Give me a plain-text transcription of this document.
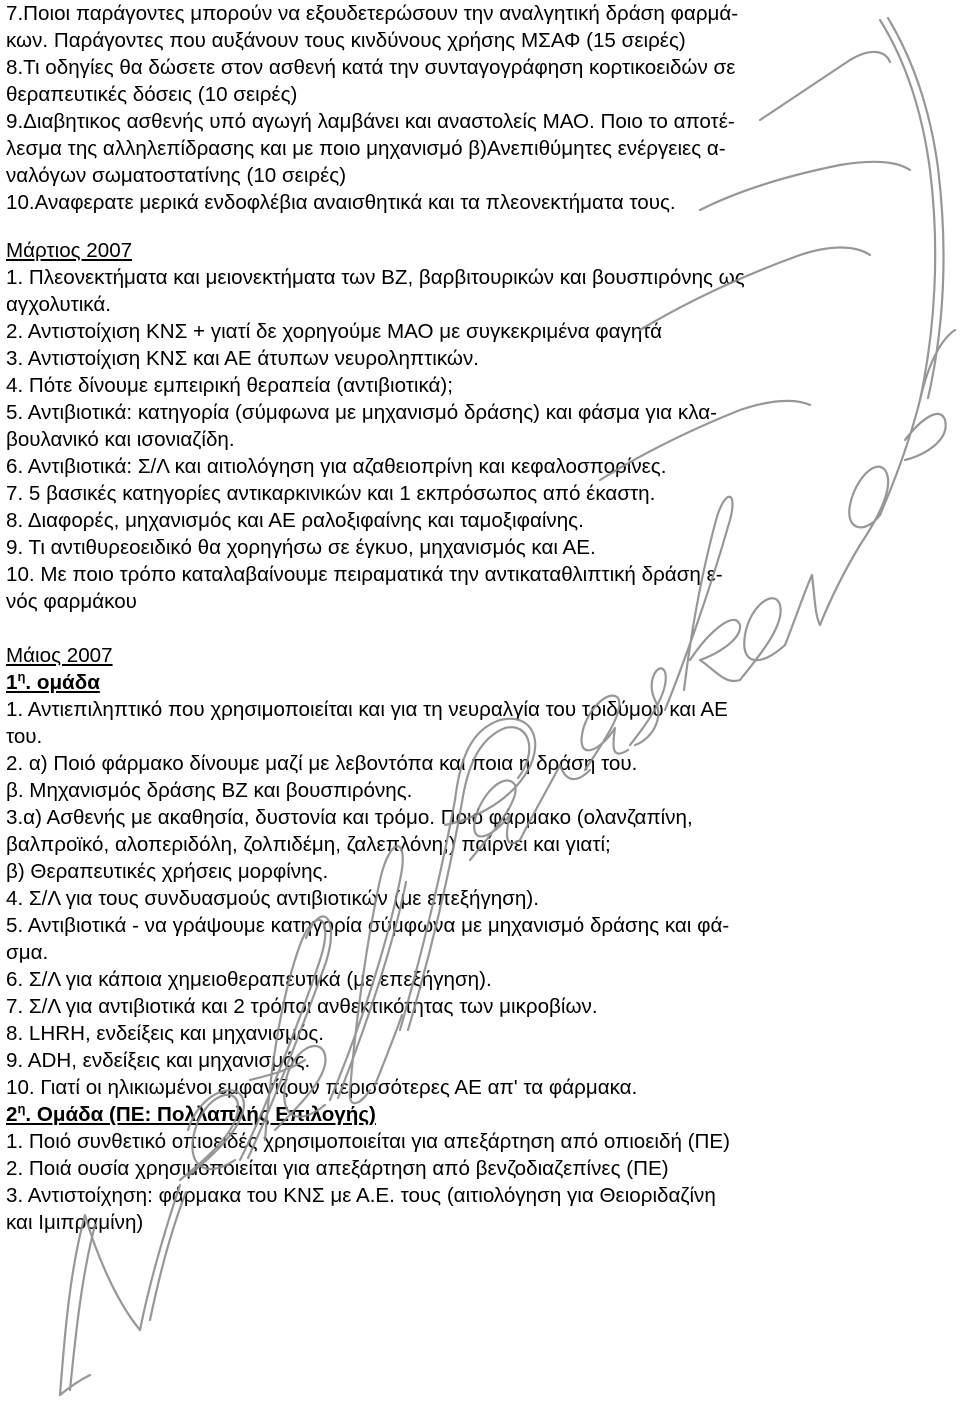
7.Ποιοι παράγοντες μπορούν να εξουδετερώσουν την αναλγητική δράση φαρμά-
κων. Παράγοντες που αυξάνουν τους κινδύνους χρήσης ΜΣΑΦ (15 σειρές)
8.Τι οδηγίες θα δώσετε στον ασθενή κατά την συνταγογράφηση κορτικοειδών σε
θεραπευτικές δόσεις (10 σειρές)
9.Διαβητικος ασθενής υπό αγωγή λαμβάνει και αναστολείς ΜΑΟ. Ποιο το αποτέ-
λεσμα της αλληλεπίδρασης και με ποιο μηχανισμό β)Ανεπιθύμητες ενέργειες α-
ναλόγων σωματοστατίνης (10 σειρές)
10.Αναφερατε μερικά ενδοφλέβια αναισθητικά και τα πλεονεκτήματα τους.
Μάρτιος 2007
1. Πλεονεκτήματα και μειονεκτήματα των ΒΖ, βαρβιτουρικών και βουσπιρόνης ως
αγχολυτικά.
2. Αντιστοίχιση ΚΝΣ + γιατί δε χορηγούμε ΜΑΟ με συγκεκριμένα φαγητά
3. Αντιστοίχιση ΚΝΣ και ΑΕ άτυπων νευροληπτικών.
4. Πότε δίνουμε εμπειρική θεραπεία (αντιβιοτικά);
5. Αντιβιοτικά: κατηγορία (σύμφωνα με μηχανισμό δράσης) και φάσμα για κλα-
βουλανικό και ισονιαζίδη.
6. Αντιβιοτικά: Σ/Λ και αιτιολόγηση για αζαθειοπρίνη και κεφαλοσπορίνες.
7. 5 βασικές κατηγορίες αντικαρκινικών και 1 εκπρόσωπος από έκαστη.
8. Διαφορές, μηχανισμός και ΑΕ ραλοξιφαίνης και ταμοξιφαίνης.
9. Τι αντιθυρεοειδικό θα χορηγήσω σε έγκυο, μηχανισμός και ΑΕ.
10. Με ποιο τρόπο καταλαβαίνουμε πειραματικά την αντικαταθλιπτική δράση ε-
νός φαρμάκου
Μάιος 2007
$1^\eta$. ομάδα
1. Αντιεπιληπτικό που χρησιμοποιείται και για τη νευραλγία του τριδύμου και ΑΕ
του.
2. α) Ποιό φάρμακο δίνουμε μαζί με λεβοντόπα και ποια η δράση του.
β. Μηχανισμός δράσης ΒΖ και βουσπιρόνης.
3.α) Ασθενής με ακαθησία, δυστονία και τρόμο. Ποιό φάρμακο (ολανζαπίνη,
βαλπροϊκό, αλοπεριδόλη, ζολπιδέμη, ζαλεπλόνη;) παίρνει και γιατί;
β) Θεραπευτικές χρήσεις μορφίνης.
4. Σ/Λ για τους συνδυασμούς αντιβιοτικών (με επεξήγηση).
5. Αντιβιοτικά - να γράψουμε κατηγορία σύμφωνα με μηχανισμό δράσης και φά-
σμα.
6. Σ/Λ για κάποια χημειοθεραπευτικά (με επεξήγηση).
7. Σ/Λ για αντιβιοτικά και 2 τρόποι ανθεκτικότητας των μικροβίων.
8. LHRH, ενδείξεις και μηχανισμός.
9. ADH, ενδείξεις και μηχανισμός.
10. Γιατί οι ηλικιωμένοι εμφανίζουν περισσότερες ΑΕ απ' τα φάρμακα.
$2^\eta$. Ομάδα (ΠΕ: Πολλαπλής Επιλογής)
1. Ποιό συνθετικό οπιοειδές χρησιμοποιείται για απεξάρτηση από οπιοειδή (ΠΕ)
2. Ποιά ουσία χρησιμοποιείται για απεξάρτηση από βενζοδιαζεπίνες (ΠΕ)
3. Αντιστοίχηση: φάρμακα του ΚΝΣ με Α.Ε. τους (αιτιολόγηση για Θειοριδαζίνη
και Ιμιπραμίνη)
